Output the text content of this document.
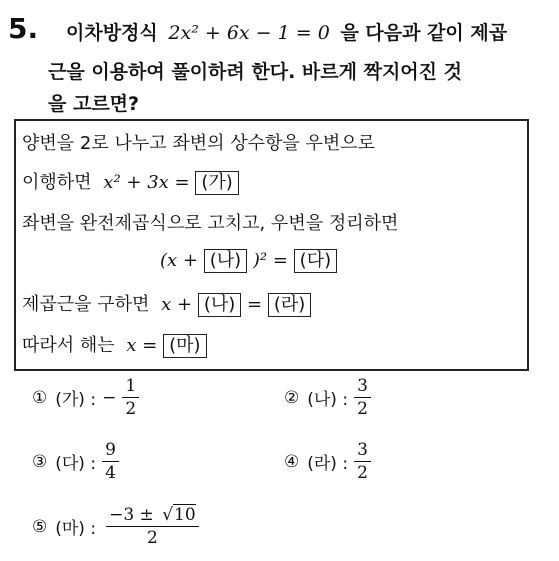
5. 이차방정식 2x² + 6x − 1 = 0 을 다음과 같이 제곱
근을 이용하여 풀이하려 한다. 바르게 짝지어진 것
을 고르면?
양변을 2로 나누고 좌변의 상수항을 우변으로
이행하면 x² + 3x = (가)
좌변을 완전제곱식으로 고치고, 우변을 정리하면
(x + (나) )² = (다)
제곱근을 구하면 x + (나) = (라)
따라서 해는 x = (마)
① (가) : − $\frac{1}{2}$	② (나) : $\frac{3}{2}$
③ (다) : $\frac{9}{4}$	④ (라) : $\frac{3}{2}$
⑤ (마) : $\frac{-3 \pm √10}{2}$
